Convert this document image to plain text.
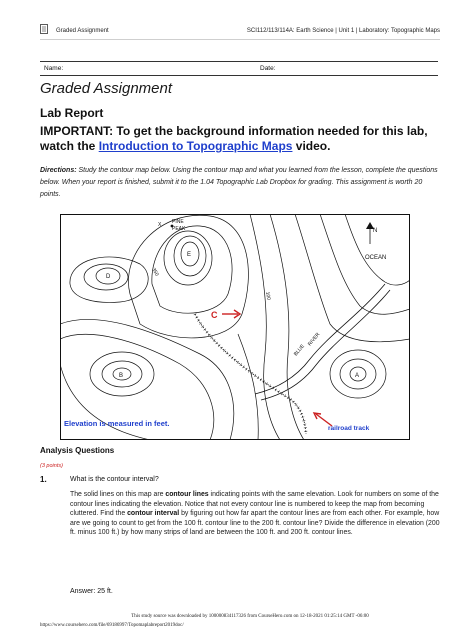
Graded Assignment	SCI112/113/114A: Earth Science | Unit 1 | Laboratory: Topographic Maps
Name:	Date:
Graded Assignment
Lab Report
IMPORTANT: To get the background information needed for this lab, watch the Introduction to Topographic Maps video.
Directions: Study the contour map below. Using the contour map and what you learned from the lesson, complete the questions below. When your report is finished, submit it to the 1.04 Topographic Lab Dropbox for grading. This assignment is worth 20 points.
PINE
PEAK
X
E
D
B	A
C
350
100
N
OCEAN
BLUE
RIVER
Elevation is measured in feet.
railroad track
Analysis Questions
(3 points)
1.	What is the contour interval?
The solid lines on this map are contour lines indicating points with the same elevation. Look for numbers on some of the contour lines indicating the elevation. Notice that not every contour line is numbered to keep the map from becoming cluttered. Find the contour interval by figuring out how far apart the contour lines are from each other. For example, how are we going to count to get from the 100 ft. contour line to the 200 ft. contour line? Divide the difference in elevation (200 ft. minus 100 ft.) by how many strips of land are between the 100 ft. and 200 ft. contour lines.
Answer: 25 ft.
This study source was downloaded by 100000834117326 from CourseHero.com on 12-18-2021 01:25:14 GMT -06:00
https://www.coursehero.com/file/69186997/Topomaplabreport2019doc/
